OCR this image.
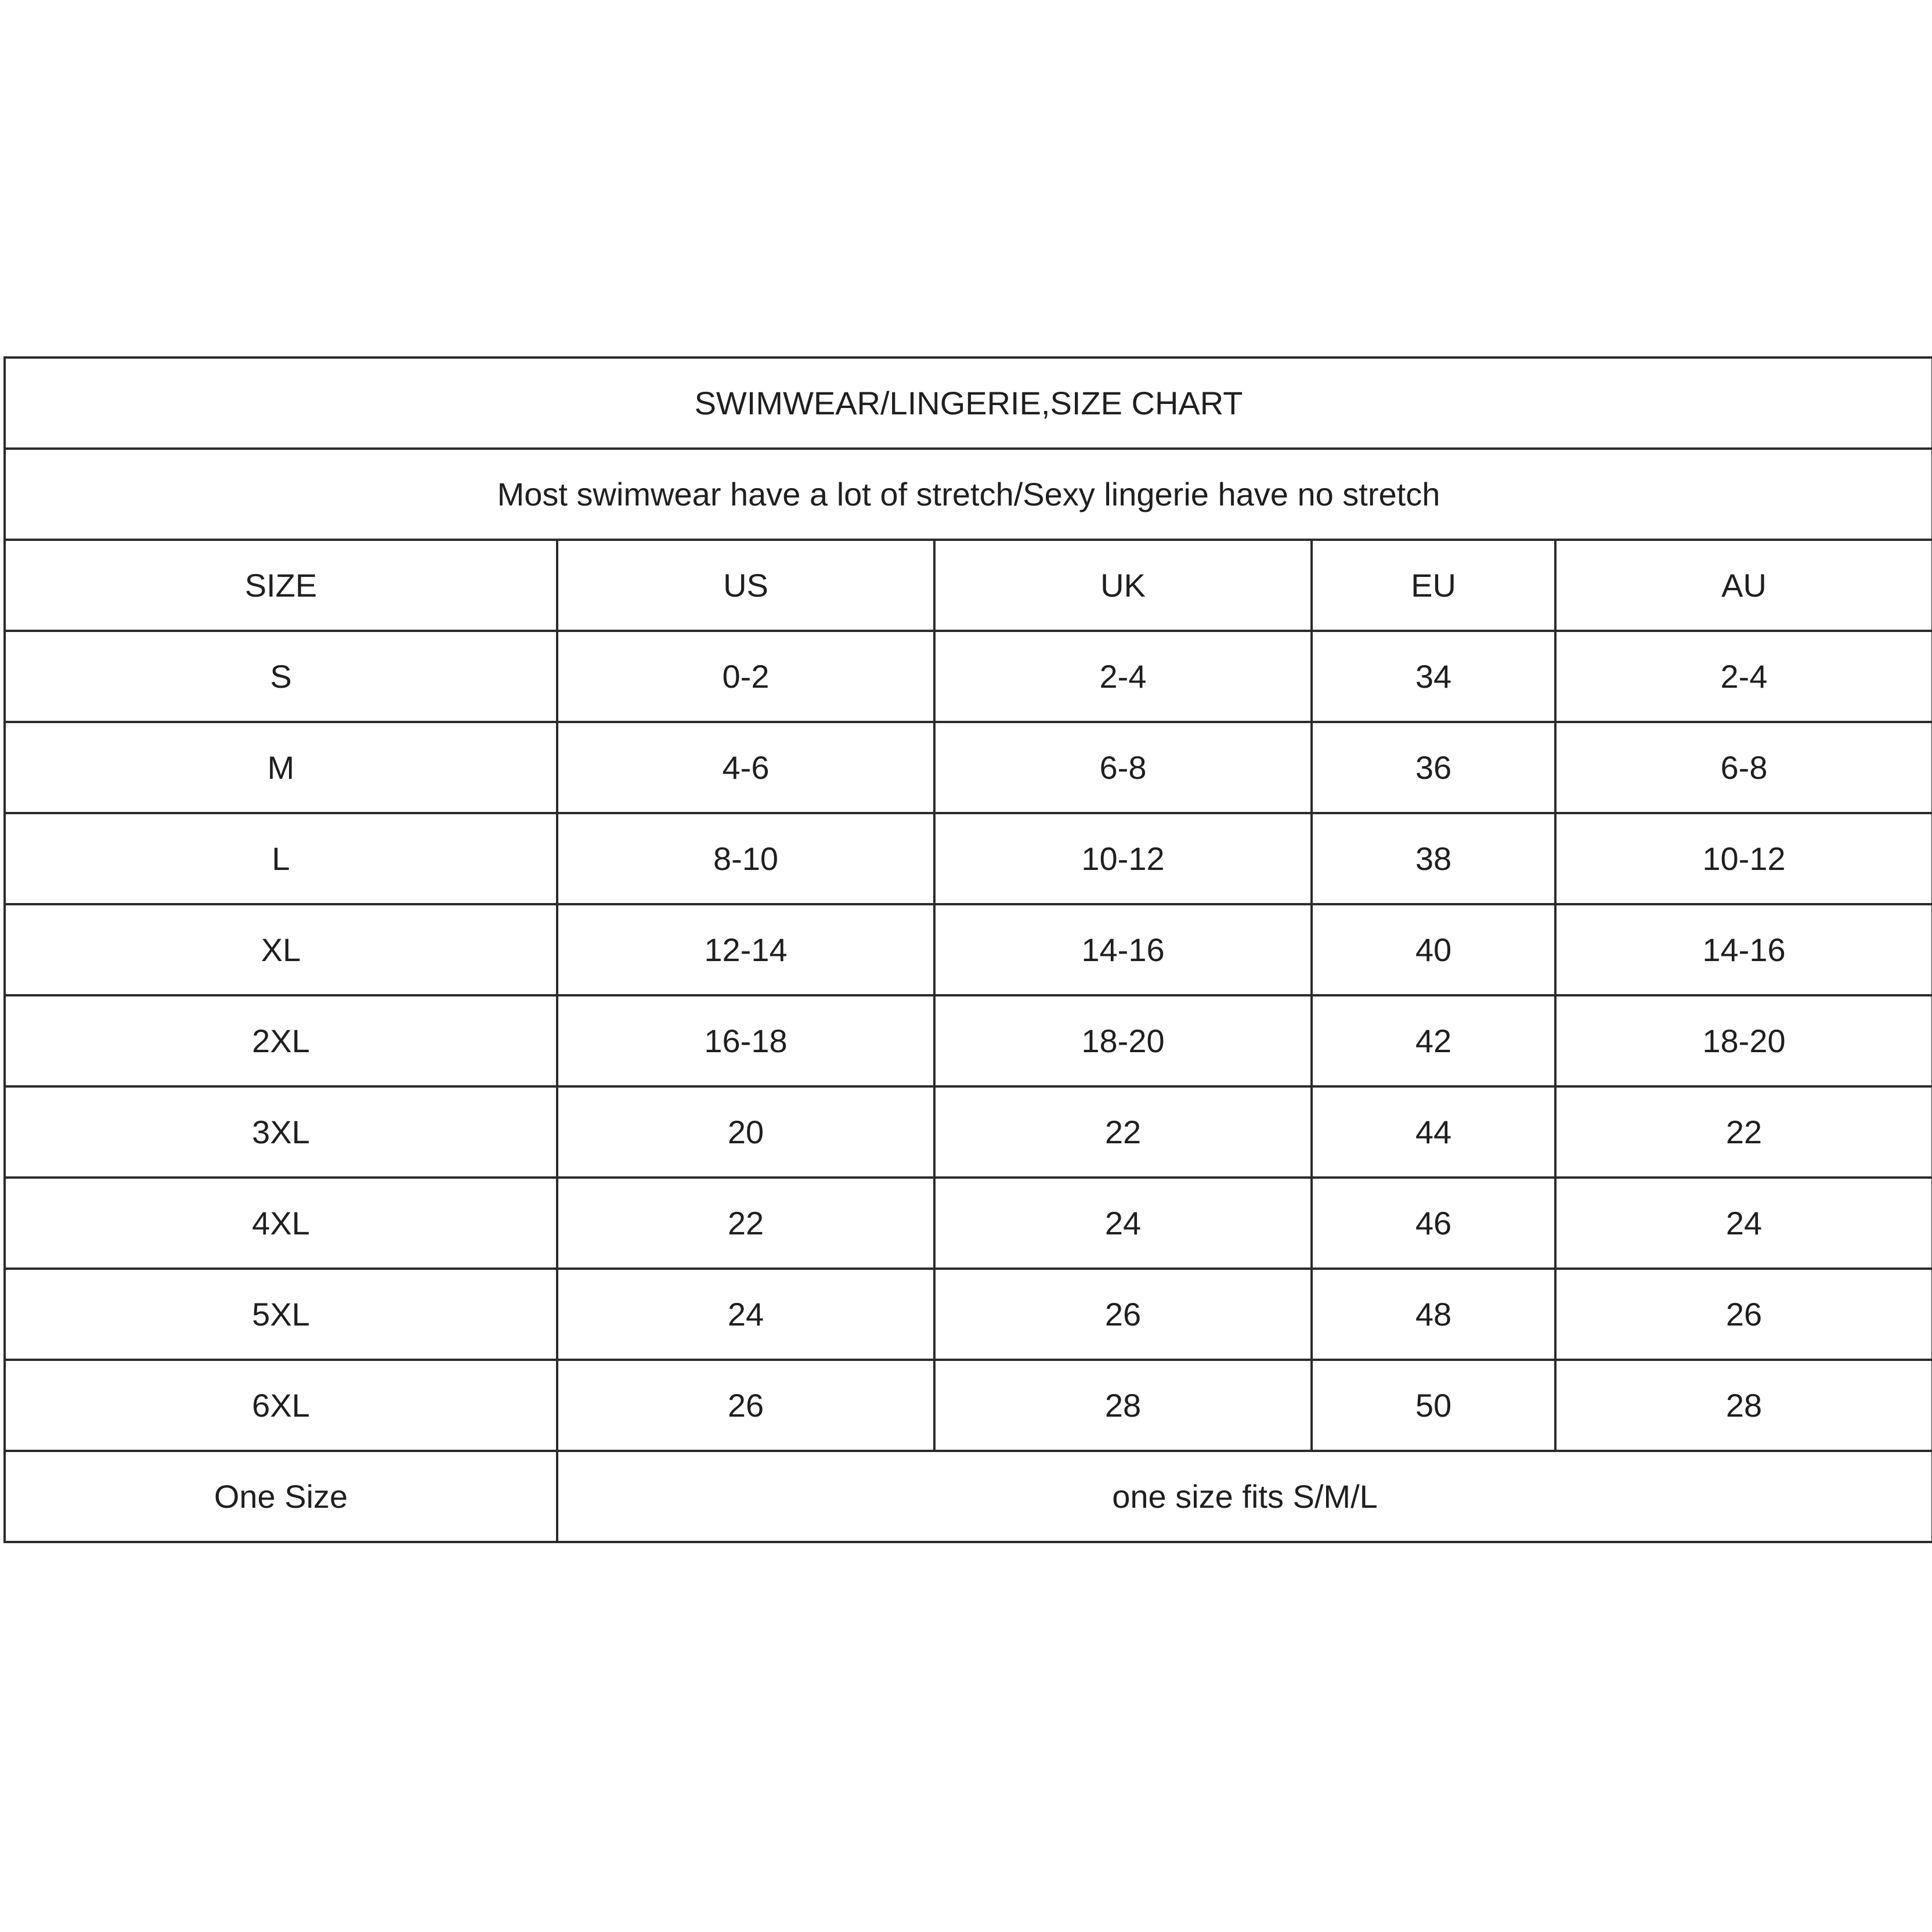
SWIMWEAR/LINGERIE,SIZE CHART				
Most swimwear have a lot of stretch/Sexy lingerie have no stretch				
SIZE	US	UK	EU	AU
S	0-2	2-4	34	2-4
M	4-6	6-8	36	6-8
L	8-10	10-12	38	10-12
XL	12-14	14-16	40	14-16
2XL	16-18	18-20	42	18-20
3XL	20	22	44	22
4XL	22	24	46	24
5XL	24	26	48	26
6XL	26	28	50	28
One Size	one size fits S/M/L			
